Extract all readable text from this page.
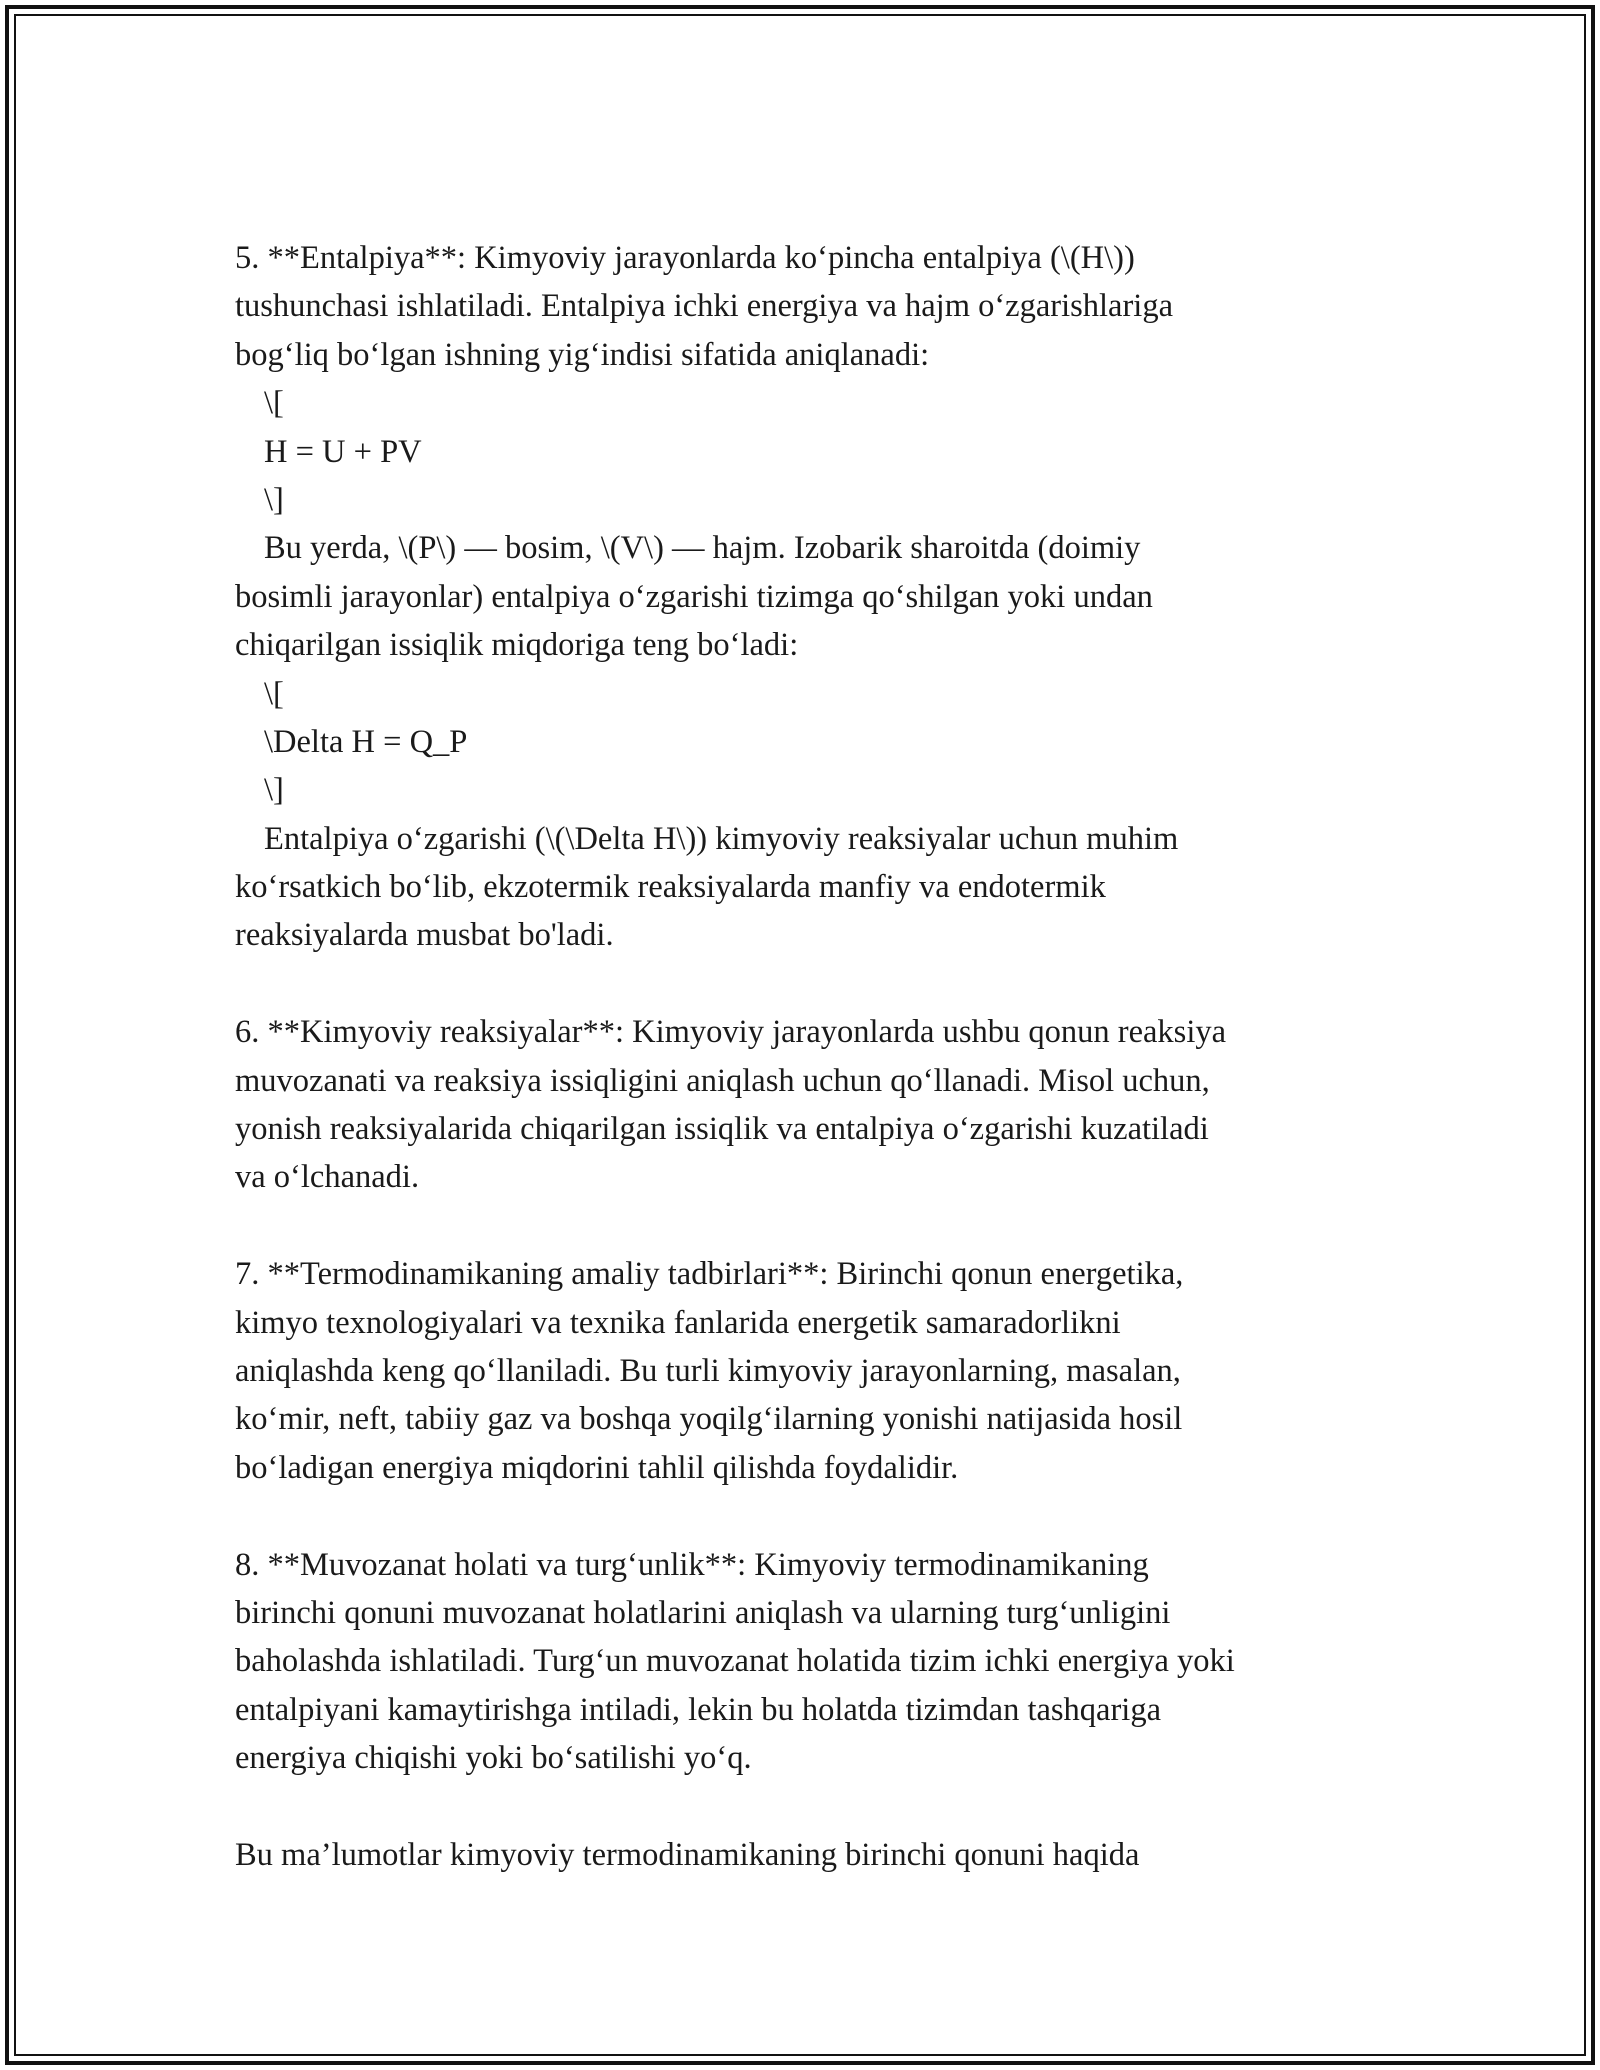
5. **Entalpiya**: Kimyoviy jarayonlarda ko‘pincha entalpiya (\(H\))
tushunchasi ishlatiladi. Entalpiya ichki energiya va hajm o‘zgarishlariga
bog‘liq bo‘lgan ishning yig‘indisi sifatida aniqlanadi:
\[
H = U + PV
\]
Bu yerda, \(P\) — bosim, \(V\) — hajm. Izobarik sharoitda (doimiy
bosimli jarayonlar) entalpiya o‘zgarishi tizimga qo‘shilgan yoki undan
chiqarilgan issiqlik miqdoriga teng bo‘ladi:
\[
\Delta H = Q_P
\]
Entalpiya o‘zgarishi (\(\Delta H\)) kimyoviy reaksiyalar uchun muhim
ko‘rsatkich bo‘lib, ekzotermik reaksiyalarda manfiy va endotermik
reaksiyalarda musbat bo'ladi.
6. **Kimyoviy reaksiyalar**: Kimyoviy jarayonlarda ushbu qonun reaksiya
muvozanati va reaksiya issiqligini aniqlash uchun qo‘llanadi. Misol uchun,
yonish reaksiyalarida chiqarilgan issiqlik va entalpiya o‘zgarishi kuzatiladi
va o‘lchanadi.
7. **Termodinamikaning amaliy tadbirlari**: Birinchi qonun energetika,
kimyo texnologiyalari va texnika fanlarida energetik samaradorlikni
aniqlashda keng qo‘llaniladi. Bu turli kimyoviy jarayonlarning, masalan,
ko‘mir, neft, tabiiy gaz va boshqa yoqilg‘ilarning yonishi natijasida hosil
bo‘ladigan energiya miqdorini tahlil qilishda foydalidir.
8. **Muvozanat holati va turg‘unlik**: Kimyoviy termodinamikaning
birinchi qonuni muvozanat holatlarini aniqlash va ularning turg‘unligini
baholashda ishlatiladi. Turg‘un muvozanat holatida tizim ichki energiya yoki
entalpiyani kamaytirishga intiladi, lekin bu holatda tizimdan tashqariga
energiya chiqishi yoki bo‘satilishi yo‘q.
Bu ma’lumotlar kimyoviy termodinamikaning birinchi qonuni haqida
